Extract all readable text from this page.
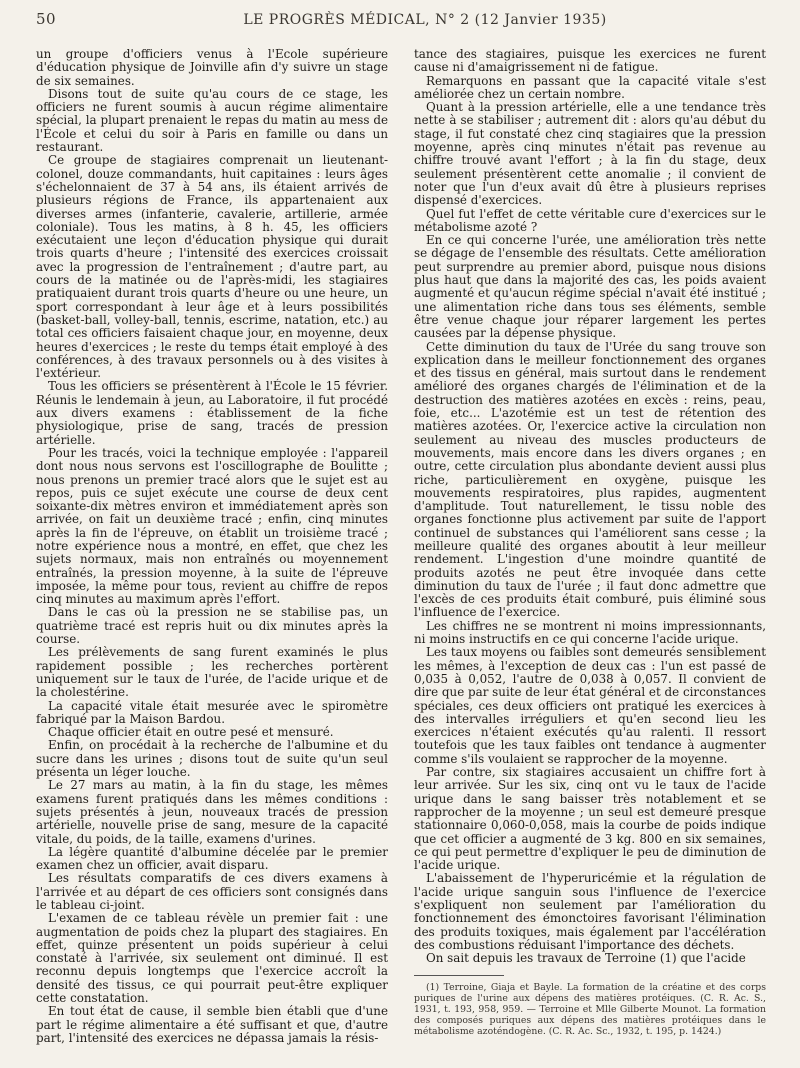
50	LE PROGRÈS MÉDICAL, N° 2 (12 Janvier 1935)

un groupe d'officiers venus à l'École supérieure d'éducation physique de Joinville afin d'y suivre un stage de six semaines.

Disons tout de suite qu'au cours de ce stage, les officiers ne furent soumis à aucun régime alimentaire spécial, la plupart prenaient le repas du matin au mess de l'École et celui du soir à Paris en famille ou dans un restaurant.

Ce groupe de stagiaires comprenait un lieutenant-colonel, douze commandants, huit capitaines : leurs âges s'échelonnaient de 37 à 54 ans, ils étaient arrivés de plusieurs régions de France, ils appartenaient aux diverses armes (infanterie, cavalerie, artillerie, armée coloniale). Tous les matins, à 8 h. 45, les officiers exécutaient une leçon d'éducation physique qui durait trois quarts d'heure ; l'intensité des exercices croissait avec la progression de l'entraînement ; d'autre part, au cours de la matinée ou de l'après-midi, les stagiaires pratiquaient durant trois quarts d'heure ou une heure, un sport correspondant à leur âge et à leurs possibilités (basket-ball, volley-ball, tennis, escrime, natation, etc.) au total ces officiers faisaient chaque jour, en moyenne, deux heures d'exercices ; le reste du temps était employé à des conférences, à des travaux personnels ou à des visites à l'extérieur.

Tous les officiers se présentèrent à l'École le 15 février. Réunis le lendemain à jeun, au Laboratoire, il fut procédé aux divers examens : établissement de la fiche physiologique, prise de sang, tracés de pression artérielle.

Pour les tracés, voici la technique employée : l'appareil dont nous nous servons est l'oscillographe de Boulitte ; nous prenons un premier tracé alors que le sujet est au repos, puis ce sujet exécute une course de deux cent soixante-dix mètres environ et immédiatement après son arrivée, on fait un deuxième tracé ; enfin, cinq minutes après la fin de l'épreuve, on établit un troisième tracé ; notre expérience nous a montré, en effet, que chez les sujets normaux, mais non entraînés ou moyennement entraînés, la pression moyenne, à la suite de l'épreuve imposée, la même pour tous, revient au chiffre de repos cinq minutes au maximum après l'effort.

Dans le cas où la pression ne se stabilise pas, un quatrième tracé est repris huit ou dix minutes après la course.

Les prélèvements de sang furent examinés le plus rapidement possible ; les recherches portèrent uniquement sur le taux de l'urée, de l'acide urique et de la cholestérine.

La capacité vitale était mesurée avec le spiromètre fabriqué par la Maison Bardou.

Chaque officier était en outre pesé et mensuré.

Enfin, on procédait à la recherche de l'albumine et du sucre dans les urines ; disons tout de suite qu'un seul présenta un léger louche.

Le 27 mars au matin, à la fin du stage, les mêmes examens furent pratiqués dans les mêmes conditions : sujets présentés à jeun, nouveaux tracés de pression artérielle, nouvelle prise de sang, mesure de la capacité vitale, du poids, de la taille, examens d'urines.

La légère quantité d'albumine décelée par le premier examen chez un officier, avait disparu.

Les résultats comparatifs de ces divers examens à l'arrivée et au départ de ces officiers sont consignés dans le tableau ci-joint.

L'examen de ce tableau révèle un premier fait : une augmentation de poids chez la plupart des stagiaires. En effet, quinze présentent un poids supérieur à celui constaté à l'arrivée, six seulement ont diminué. Il est reconnu depuis longtemps que l'exercice accroît la densité des tissus, ce qui pourrait peut-être expliquer cette constatation.

En tout état de cause, il semble bien établi que d'une part le régime alimentaire a été suffisant et que, d'autre part, l'intensité des exercices ne dépassa jamais la résis-

tance des stagiaires, puisque les exercices ne furent cause ni d'amaigrissement ni de fatigue.

Remarquons en passant que la capacité vitale s'est améliorée chez un certain nombre.

Quant à la pression artérielle, elle a une tendance très nette à se stabiliser ; autrement dit : alors qu'au début du stage, il fut constaté chez cinq stagiaires que la pression moyenne, après cinq minutes n'était pas revenue au chiffre trouvé avant l'effort ; à la fin du stage, deux seulement présentèrent cette anomalie ; il convient de noter que l'un d'eux avait dû être à plusieurs reprises dispensé d'exercices.

Quel fut l'effet de cette véritable cure d'exercices sur le métabolisme azoté ?

En ce qui concerne l'urée, une amélioration très nette se dégage de l'ensemble des résultats. Cette amélioration peut surprendre au premier abord, puisque nous disions plus haut que dans la majorité des cas, les poids avaient augmenté et qu'aucun régime spécial n'avait été institué ; une alimentation riche dans tous ses éléments, semble être venue chaque jour réparer largement les pertes causées par la dépense physique.

Cette diminution du taux de l'Urée du sang trouve son explication dans le meilleur fonctionnement des organes et des tissus en général, mais surtout dans le rendement amélioré des organes chargés de l'élimination et de la destruction des matières azotées en excès : reins, peau, foie, etc... L'azotémie est un test de rétention des matières azotées. Or, l'exercice active la circulation non seulement au niveau des muscles producteurs de mouvements, mais encore dans les divers organes ; en outre, cette circulation plus abondante devient aussi plus riche, particulièrement en oxygène, puisque les mouvements respiratoires, plus rapides, augmentent d'amplitude. Tout naturellement, le tissu noble des organes fonctionne plus activement par suite de l'apport continuel de substances qui l'améliorent sans cesse ; la meilleure qualité des organes aboutit à leur meilleur rendement. L'ingestion d'une moindre quantité de produits azotés ne peut être invoquée dans cette diminution du taux de l'urée ; il faut donc admettre que l'excès de ces produits était comburé, puis éliminé sous l'influence de l'exercice.

Les chiffres ne se montrent ni moins impressionnants, ni moins instructifs en ce qui concerne l'acide urique.

Les taux moyens ou faibles sont demeurés sensiblement les mêmes, à l'exception de deux cas : l'un est passé de 0,035 à 0,052, l'autre de 0,038 à 0,057. Il convient de dire que par suite de leur état général et de circonstances spéciales, ces deux officiers ont pratiqué les exercices à des intervalles irréguliers et qu'en second lieu les exercices n'étaient exécutés qu'au ralenti. Il ressort toutefois que les taux faibles ont tendance à augmenter comme s'ils voulaient se rapprocher de la moyenne.

Par contre, six stagiaires accusaient un chiffre fort à leur arrivée. Sur les six, cinq ont vu le taux de l'acide urique dans le sang baisser très notablement et se rapprocher de la moyenne ; un seul est demeuré presque stationnaire 0,060-0,058, mais la courbe de poids indique que cet officier a augmenté de 3 kg. 800 en six semaines, ce qui peut permettre d'expliquer le peu de diminution de l'acide urique.

L'abaissement de l'hyperuricémie et la régulation de l'acide urique sanguin sous l'influence de l'exercice s'expliquent non seulement par l'amélioration du fonctionnement des émonctoires favorisant l'élimination des produits toxiques, mais également par l'accélération des combustions réduisant l'importance des déchets.

On sait depuis les travaux de Terroine (1) que l'acide

(1) Terroine, Giaja et Bayle. La formation de la créatine et des corps puriques de l'urine aux dépens des matières protéiques. (C. R. Ac. S., 1931, t. 193, 958, 959. — Terroine et Mlle Gilberte Mounot. La formation des composés puriques aux dépens des matières protéiques dans le métabolisme azoténdogène. (C. R. Ac. Sc., 1932, t. 195, p. 1424.)
